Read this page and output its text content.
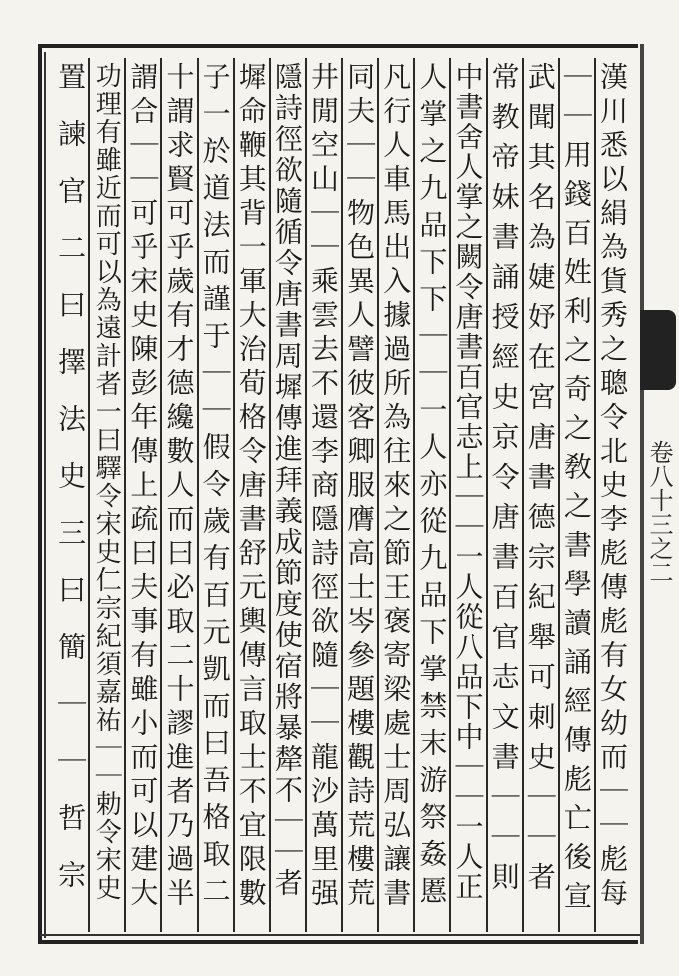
漢川悉以絹為貨秀之聰令北史李彪傳彪有女幼而｜｜彪每
｜｜用錢百姓利之奇之敎之書學讀誦經傳彪亡後宣
武聞其名為婕妤在宮唐書德宗紀舉可刺史｜｜者
常教帝妹書誦授經史京令唐書百官志文書｜｜則
中書舍人掌之闕令唐書百官志上｜｜一人從八品下中｜｜一人正
人掌之九品下下｜｜一人亦從九品下掌禁末游祭姦慝
凡行人車馬出入據過所為往來之節王褒寄梁處士周弘讓書
同夫｜｜物色異人譬彼客卿服膺高士岑參題樓觀詩荒樓荒
井閒空山｜｜乘雲去不還李商隱詩徑欲隨｜｜龍沙萬里强
隱詩徑欲隨循令唐書周墀傳進拜義成節度使宿將暴犛不｜｜者
墀命鞭其背一軍大治荀格令唐書舒元輿傳言取士不宜限數
子一於道法而謹于｜｜假令歲有百元凱而曰吾格取二
十謂求賢可乎歲有才德纔數人而曰必取二十謬進者乃過半
謂合｜｜可乎宋史陳彭年傳上疏曰夫事有雖小而可以建大
功理有雖近而可以為遠計者一曰驛令宋史仁宗紀須嘉祐｜｜勅令宋史
置諫官二曰擇法史三曰簡｜｜哲宗	卷八十三之二
